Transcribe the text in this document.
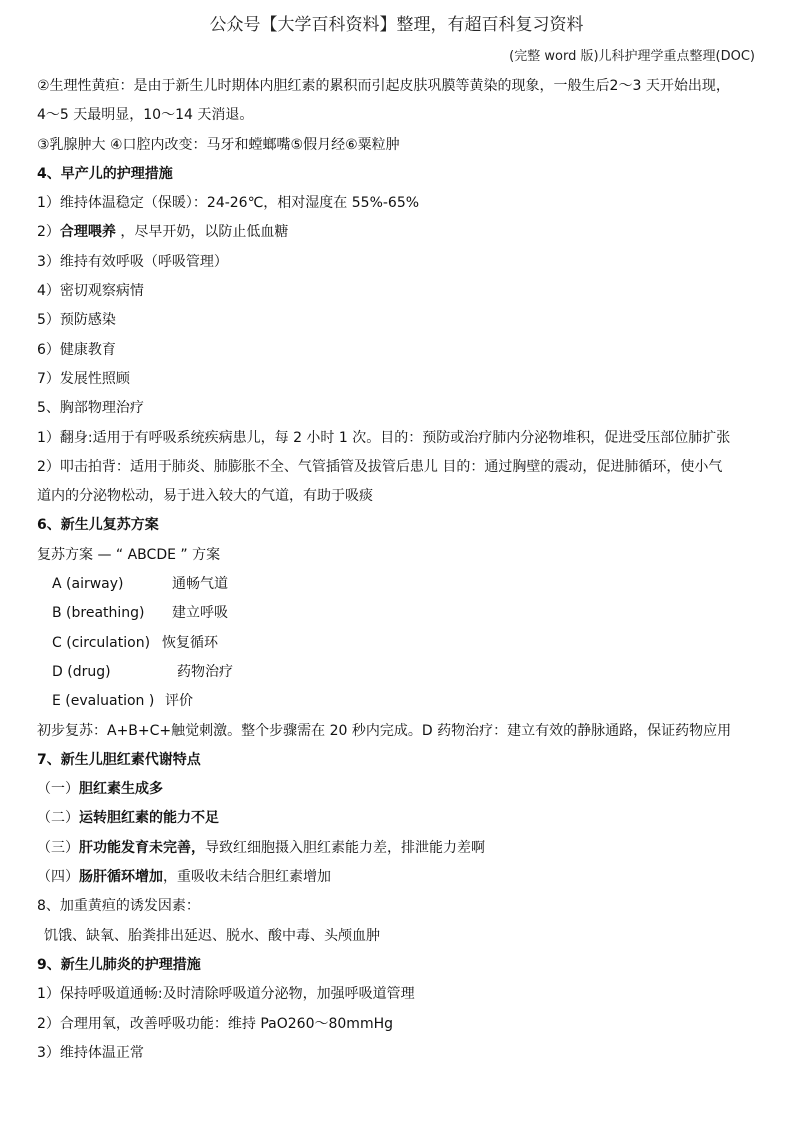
公众号【大学百科资料】整理，有超百科复习资料
(完整 word 版)儿科护理学重点整理(DOC)
②生理性黄疸：是由于新生儿时期体内胆红素的累积而引起皮肤巩膜等黄染的现象，一般生后2～3 天开始出现，
4～5 天最明显，10～14 天消退。
③乳腺肿大 ④口腔内改变：马牙和螳螂嘴⑤假月经⑥粟粒肿
4、早产儿的护理措施
1）维持体温稳定（保暖）：24-26℃，相对湿度在 55%-65%
2）合理喂养 ，尽早开奶，以防止低血糖
3）维持有效呼吸（呼吸管理）
4）密切观察病情
5）预防感染
6）健康教育
7）发展性照顾
5、胸部物理治疗
1）翻身:适用于有呼吸系统疾病患儿，每 2 小时 1 次。目的：预防或治疗肺内分泌物堆积，促进受压部位肺扩张
2）叩击拍背：适用于肺炎、肺膨胀不全、气管插管及拔管后患儿 目的：通过胸壁的震动，促进肺循环，使小气
道内的分泌物松动，易于进入较大的气道，有助于吸痰
6、新生儿复苏方案
复苏方案 — “ ABCDE ” 方案
A (airway)	通畅气道
B (breathing) 建立呼吸
C (circulation) 恢复循环
D (drug)	药物治疗
E (evaluation ) 评价
初步复苏：A+B+C+触觉刺激。整个步骤需在 20 秒内完成。D 药物治疗：建立有效的静脉通路，保证药物应用
7、新生儿胆红素代谢特点
（一）胆红素生成多
（二）运转胆红素的能力不足
（三）肝功能发育未完善，导致红细胞摄入胆红素能力差，排泄能力差啊
（四）肠肝循环增加，重吸收未结合胆红素增加
8、加重黄疸的诱发因素：
饥饿、缺氧、胎粪排出延迟、脱水、酸中毒、头颅血肿
9、新生儿肺炎的护理措施
1）保持呼吸道通畅:及时清除呼吸道分泌物，加强呼吸道管理
2）合理用氧，改善呼吸功能：维持 PaO260～80mmHg
3）维持体温正常
